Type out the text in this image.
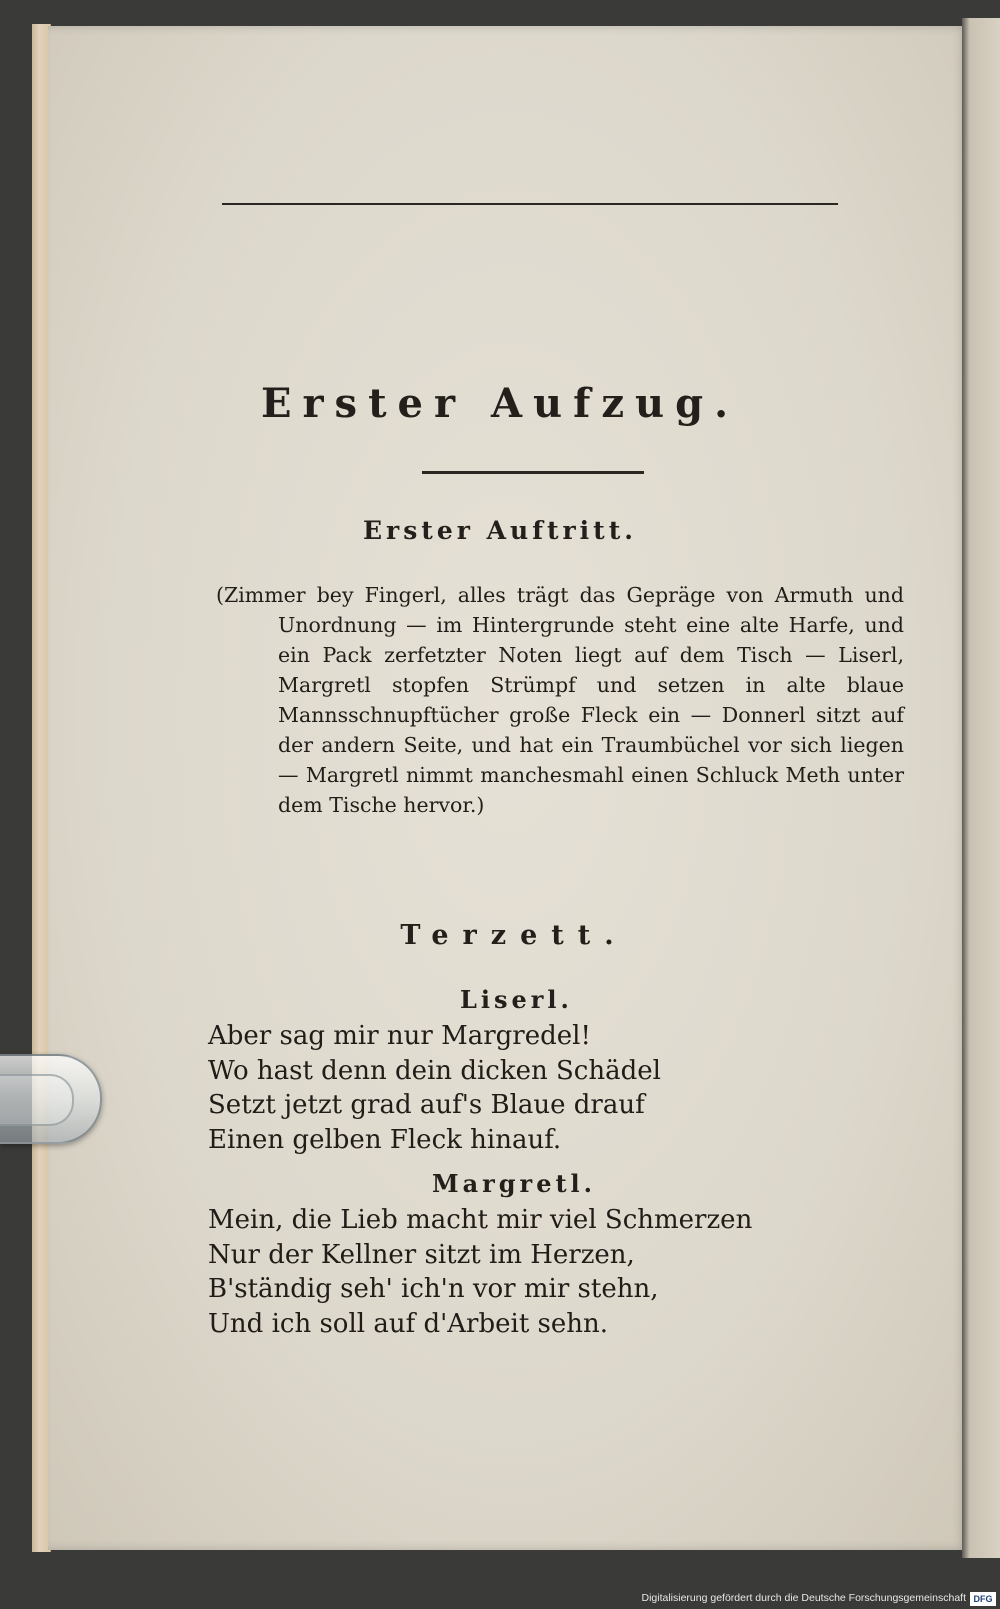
Erster Aufzug.
Erster Auftritt.
(Zimmer bey Fingerl, alles trägt das Gepräge von Armuth und Unordnung — im Hintergrunde steht eine alte Harfe, und ein Pack zerfetzter Noten liegt auf dem Tisch — Liserl, Margretl stopfen Strümpf und setzen in alte blaue Mannsschnupftücher große Fleck ein — Donnerl sitzt auf der andern Seite, und hat ein Traumbüchel vor sich liegen — Margretl nimmt manchesmahl einen Schluck Meth unter dem Tische hervor.)
Terzett.
Liserl.
Aber sag mir nur Margredel!
Wo hast denn dein dicken Schädel
Setzt jetzt grad auf's Blaue drauf
Einen gelben Fleck hinauf.
Margretl.
Mein, die Lieb macht mir viel Schmerzen
Nur der Kellner sitzt im Herzen,
B'ständig seh' ich'n vor mir stehn,
Und ich soll auf d'Arbeit sehn.
Digitalisierung gefördert durch die Deutsche Forschungsgemeinschaft DFG
